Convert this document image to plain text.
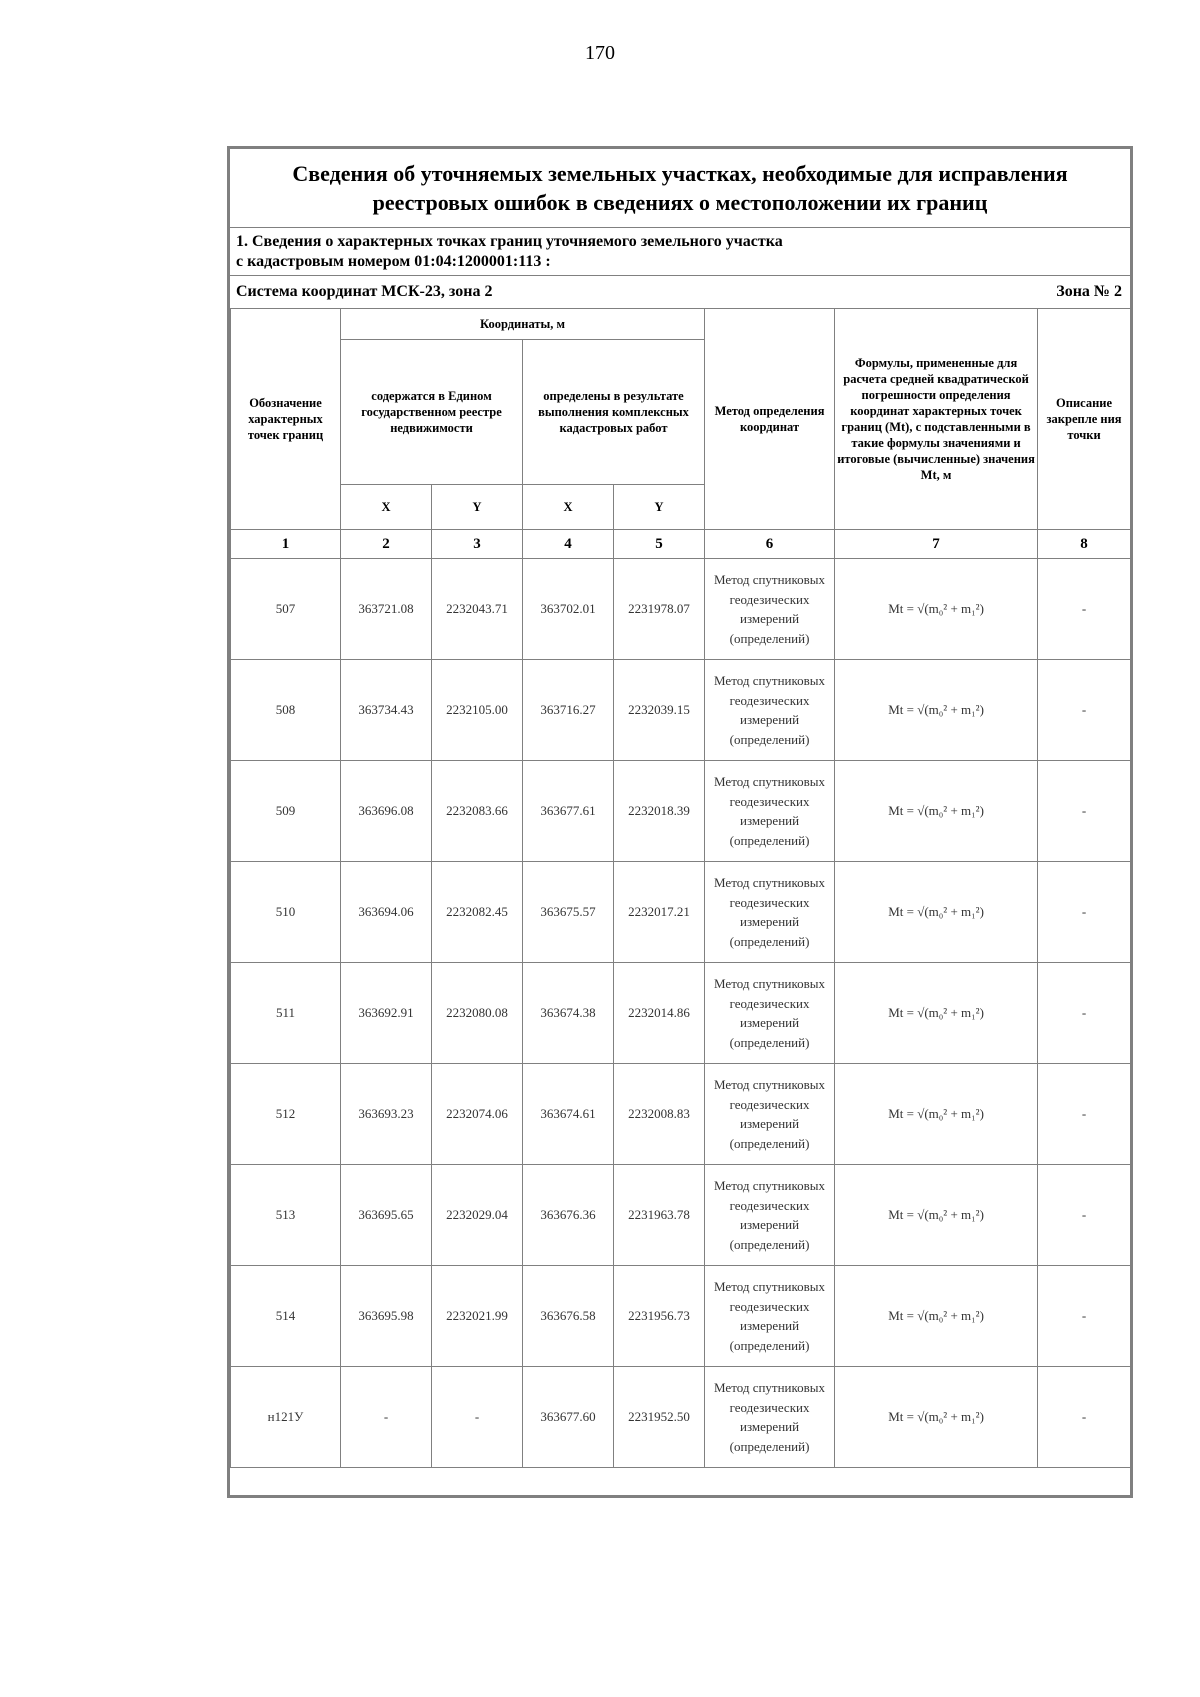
170
Сведения об уточняемых земельных участках, необходимые для исправления реестровых ошибок в сведениях о местоположении их границ
1. Сведения о характерных точках границ уточняемого земельного участка
с кадастровым номером 01:04:1200001:113 :
Система координат МСК-23, зона 2	Зона № 2
Обозначение характерных точек границ	Координаты, м				Метод определения координат	Формулы, примененные для расчета средней квадратической погрешности определения координат характерных точек границ (Mt), с подставленными в такие формулы значениями и итоговые (вычисленные) значения Mt, м	Описание закрепле ния точки
	содержатся в Едином государственном реестре недвижимости		определены в результате выполнения комплексных кадастровых работ				
	X	Y	X	Y			
1	2	3	4	5	6	7	8
507	363721.08	2232043.71	363702.01	2231978.07	Метод спутниковых геодезических измерений (определений)	Mt = √(m₀² + m₁²)	-
508	363734.43	2232105.00	363716.27	2232039.15	Метод спутниковых геодезических измерений (определений)	Mt = √(m₀² + m₁²)	-
509	363696.08	2232083.66	363677.61	2232018.39	Метод спутниковых геодезических измерений (определений)	Mt = √(m₀² + m₁²)	-
510	363694.06	2232082.45	363675.57	2232017.21	Метод спутниковых геодезических измерений (определений)	Mt = √(m₀² + m₁²)	-
511	363692.91	2232080.08	363674.38	2232014.86	Метод спутниковых геодезических измерений (определений)	Mt = √(m₀² + m₁²)	-
512	363693.23	2232074.06	363674.61	2232008.83	Метод спутниковых геодезических измерений (определений)	Mt = √(m₀² + m₁²)	-
513	363695.65	2232029.04	363676.36	2231963.78	Метод спутниковых геодезических измерений (определений)	Mt = √(m₀² + m₁²)	-
514	363695.98	2232021.99	363676.58	2231956.73	Метод спутниковых геодезических измерений (определений)	Mt = √(m₀² + m₁²)	-
н121У	-	-	363677.60	2231952.50	Метод спутниковых геодезических измерений (определений)	Mt = √(m₀² + m₁²)	-
